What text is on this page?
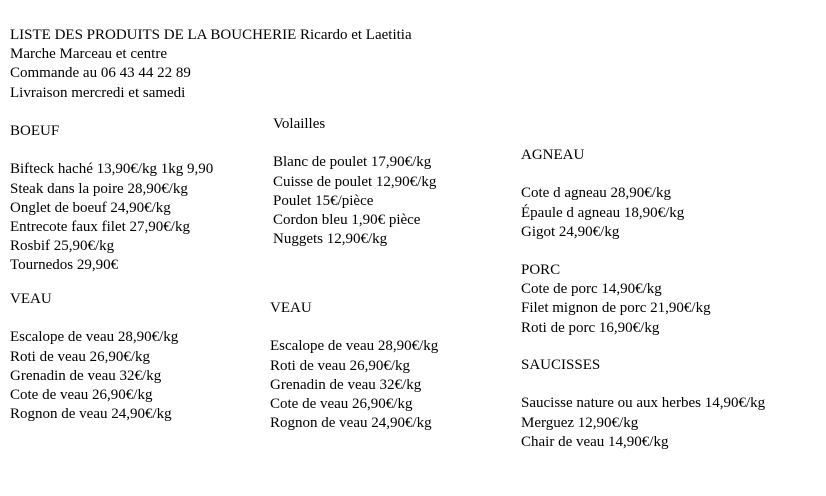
LISTE DES PRODUITS DE LA BOUCHERIE Ricardo et Laetitia
Marche Marceau et centre
Commande au 06 43 44 22 89
Livraison mercredi et samedi
BOEUF
Bifteck haché 13,90€/kg 1kg 9,90
Steak dans la poire 28,90€/kg
Onglet de boeuf 24,90€/kg
Entrecote faux filet 27,90€/kg
Rosbif 25,90€/kg
Tournedos 29,90€
VEAU
Escalope de veau 28,90€/kg
Roti de veau 26,90€/kg
Grenadin de veau 32€/kg
Cote de veau 26,90€/kg
Rognon de veau 24,90€/kg
Volailles
Blanc de poulet 17,90€/kg
Cuisse de poulet 12,90€/kg
Poulet 15€/pièce
Cordon bleu 1,90€ pièce
Nuggets 12,90€/kg
VEAU
Escalope de veau 28,90€/kg
Roti de veau 26,90€/kg
Grenadin de veau 32€/kg
Cote de veau 26,90€/kg
Rognon de veau 24,90€/kg
AGNEAU
Cote d agneau 28,90€/kg
Épaule d agneau 18,90€/kg
Gigot 24,90€/kg
PORC
Cote de porc 14,90€/kg
Filet mignon de porc 21,90€/kg
Roti de porc 16,90€/kg
SAUCISSES
Saucisse nature ou aux herbes 14,90€/kg
Merguez 12,90€/kg
Chair de veau 14,90€/kg
